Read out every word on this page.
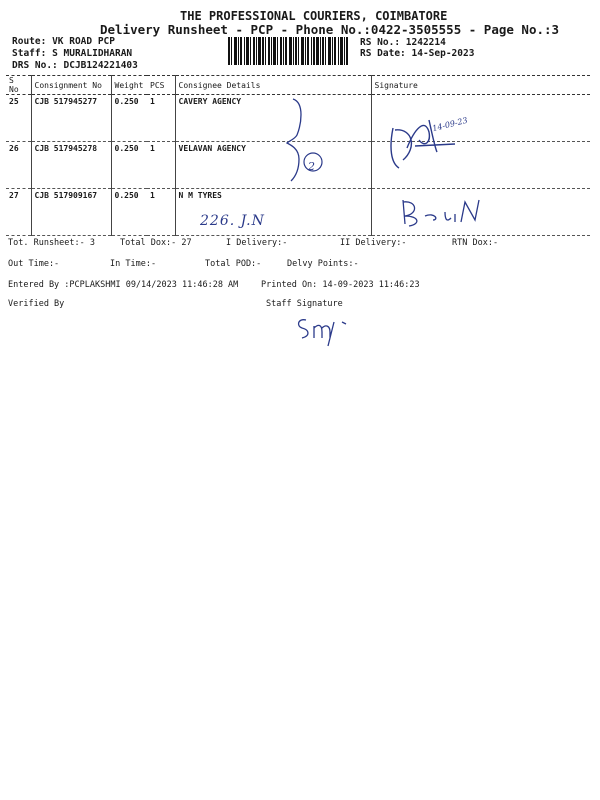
THE PROFESSIONAL COURIERS, COIMBATORE
Delivery Runsheet - PCP - Phone No.:0422-3505555 - Page No.:3
Route: VK ROAD PCP
Staff: S MURALIDHARAN
DRS No.: DCJB124221403
RS No.: 1242214
RS Date: 14-Sep-2023
S No	Consignment No	Weight	PCS	Consignee Details	Signature
25	CJB 517945277	0.250	1	CAVERY AGENCY	
26	CJB 517945278	0.250	1	VELAVAN AGENCY	
27	CJB 517909167	0.250	1	N M TYRES	
2
14-09-23
226. J.N
Tot. Runsheet:- 3	Total Dox:- 27	I Delivery:-	II Delivery:-	RTN Dox:-
Out Time:-	In Time:-	Total POD:-	Delvy Points:-
Entered By :PCPLAKSHMI 09/14/2023 11:46:28 AM	Printed On: 14-09-2023 11:46:23
Verified By	Staff Signature
